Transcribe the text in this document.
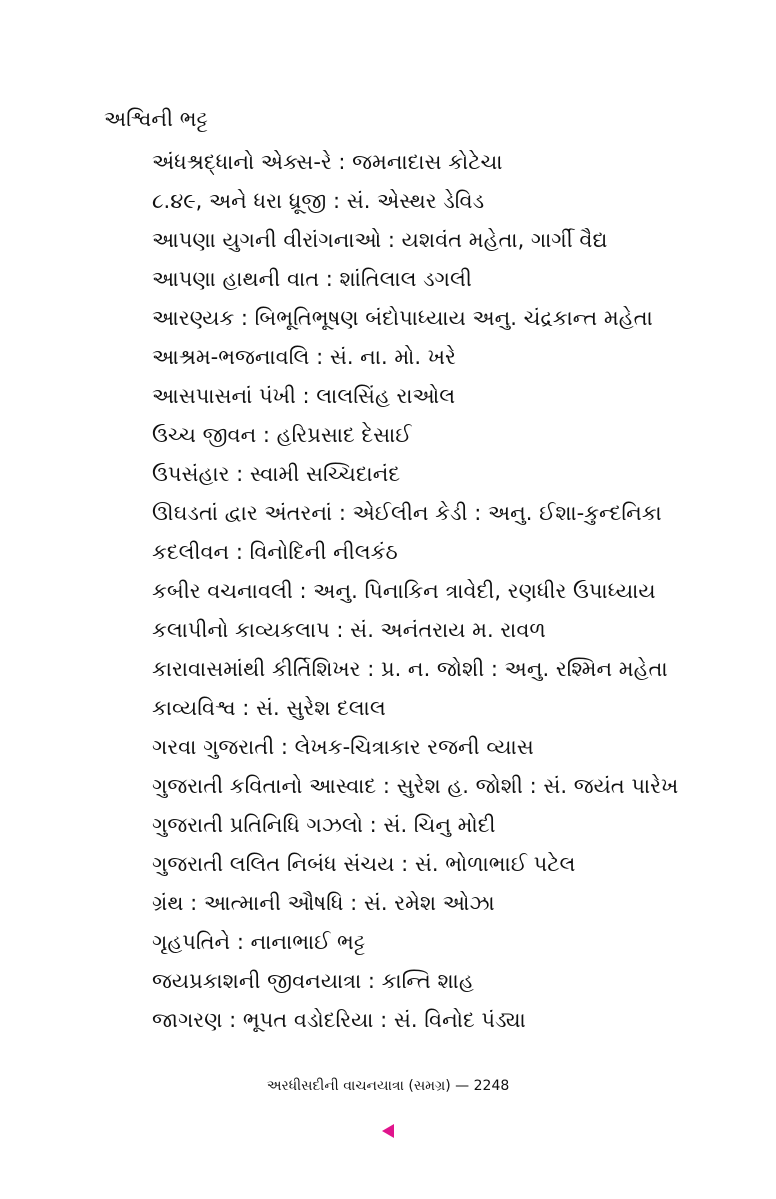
અશ્વિની ભટ્ટ
અંધશ્રદ્ધાનો એક્સ-રે : જમનાદાસ કોટેચા
૮.૪૯, અને ધરા ધ્રૂજી : સં. એસ્થર ડેવિડ
આપણા યુગની વીરાંગનાઓ : યશવંત મહેતા, ગાર્ગી વૈદ્ય
આપણા હાથની વાત : શાંતિલાલ ડગલી
આરણ્યક : બિભૂતિભૂષણ બંદોપાધ્યાય અનુ. ચંદ્રકાન્ત મહેતા
આશ્રમ-ભજનાવલિ : સં. ના. મો. ખરે
આસપાસનાં પંખી : લાલસિંહ રાઓલ
ઉચ્ચ જીવન : હરિપ્રસાદ દેસાઈ
ઉપસંહાર : સ્વામી સચ્ચિદાનંદ
ઊઘડતાં દ્વાર અંતરનાં : એઈલીન કેડી : અનુ. ઈશા-કુન્દનિકા
કદલીવન : વિનોદિની નીલકંઠ
કબીર વચનાવલી : અનુ. પિનાકિન ત્રાવેદી, રણધીર ઉપાધ્યાય
કલાપીનો કાવ્યકલાપ : સં. અનંતરાય મ. રાવળ
કારાવાસમાંથી કીર્તિશિખર : પ્ર. ન. જોશી : અનુ. રશ્મિન મહેતા
કાવ્યવિશ્વ : સં. સુરેશ દલાલ
ગરવા ગુજરાતી : લેખક-ચિત્રાકાર રજની વ્યાસ
ગુજરાતી કવિતાનો આસ્વાદ : સુરેશ હ. જોશી : સં. જયંત પારેખ
ગુજરાતી પ્રતિનિધિ ગઝલો : સં. ચિનુ મોદી
ગુજરાતી લલિત નિબંધ સંચય : સં. ભોળાભાઈ પટેલ
ગ્રંથ : આત્માની ઔષધિ : સં. રમેશ ઓઝા
ગૃહપતિને : નાનાભાઈ ભટ્ટ
જયપ્રકાશની જીવનયાત્રા : કાન્તિ શાહ
જાગરણ : ભૂપત વડોદરિયા : સં. વિનોદ પંડ્યા
અરધીસદીની વાચનયાત્રા (સમગ્ર) — 2248
